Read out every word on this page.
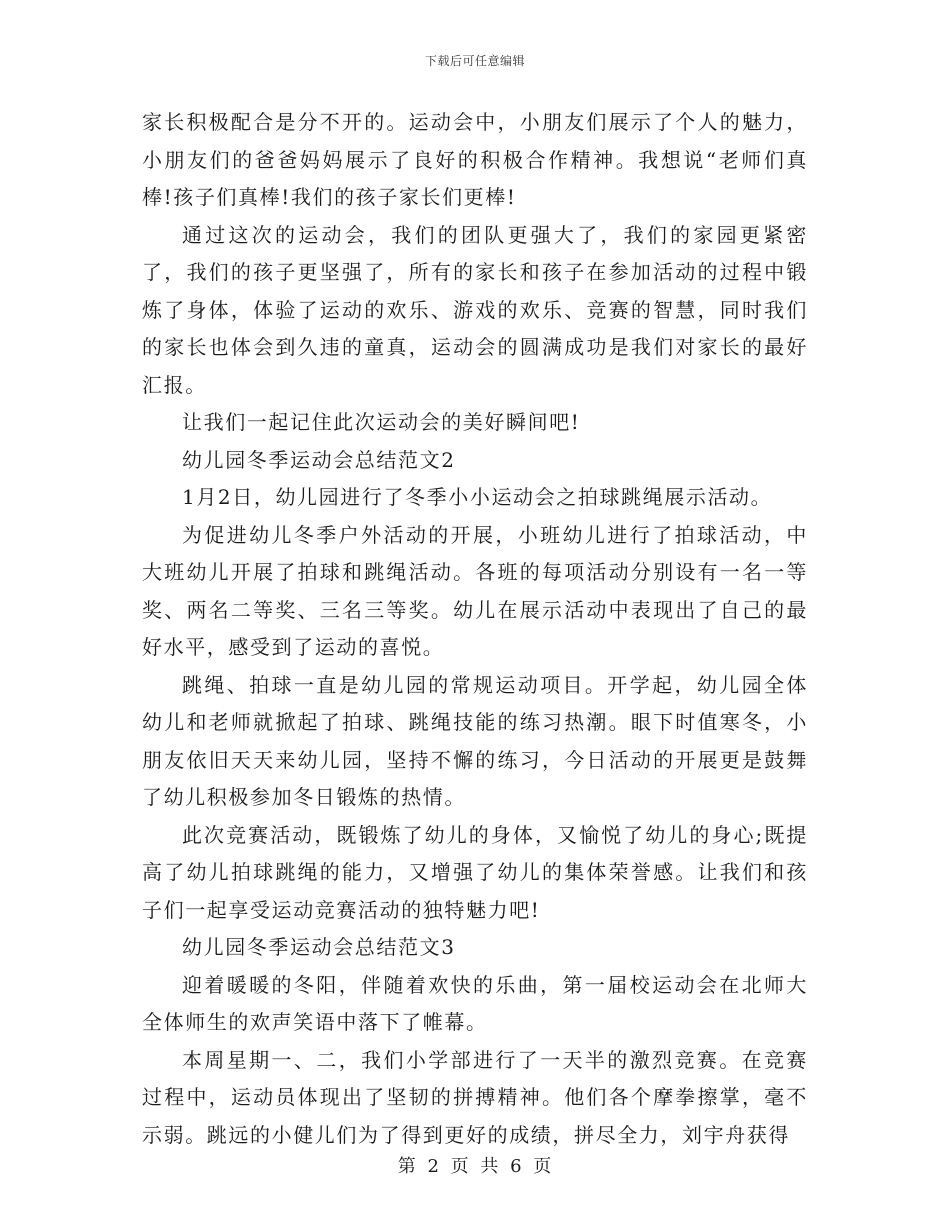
下载后可任意编辑

家长积极配合是分不开的。运动会中，小朋友们展示了个人的魅力，小朋友们的爸爸妈妈展示了良好的积极合作精神。我想说“老师们真棒!孩子们真棒!我们的孩子家长们更棒!

通过这次的运动会，我们的团队更强大了，我们的家园更紧密了，我们的孩子更坚强了，所有的家长和孩子在参加活动的过程中锻炼了身体，体验了运动的欢乐、游戏的欢乐、竞赛的智慧，同时我们的家长也体会到久违的童真，运动会的圆满成功是我们对家长的最好汇报。

让我们一起记住此次运动会的美好瞬间吧!

幼儿园冬季运动会总结范文2

1月2日，幼儿园进行了冬季小小运动会之拍球跳绳展示活动。

为促进幼儿冬季户外活动的开展，小班幼儿进行了拍球活动，中大班幼儿开展了拍球和跳绳活动。各班的每项活动分别设有一名一等奖、两名二等奖、三名三等奖。幼儿在展示活动中表现出了自己的最好水平，感受到了运动的喜悦。

跳绳、拍球一直是幼儿园的常规运动项目。开学起，幼儿园全体幼儿和老师就掀起了拍球、跳绳技能的练习热潮。眼下时值寒冬，小朋友依旧天天来幼儿园，坚持不懈的练习，今日活动的开展更是鼓舞了幼儿积极参加冬日锻炼的热情。

此次竞赛活动，既锻炼了幼儿的身体，又愉悦了幼儿的身心;既提高了幼儿拍球跳绳的能力，又增强了幼儿的集体荣誉感。让我们和孩子们一起享受运动竞赛活动的独特魅力吧!

幼儿园冬季运动会总结范文3

迎着暖暖的冬阳，伴随着欢快的乐曲，第一届校运动会在北师大全体师生的欢声笑语中落下了帷幕。

本周星期一、二，我们小学部进行了一天半的激烈竞赛。在竞赛过程中，运动员体现出了坚韧的拼搏精神。他们各个摩拳擦掌，毫不示弱。跳远的小健儿们为了得到更好的成绩，拼尽全力，刘宇舟获得

第 2 页 共 6 页
